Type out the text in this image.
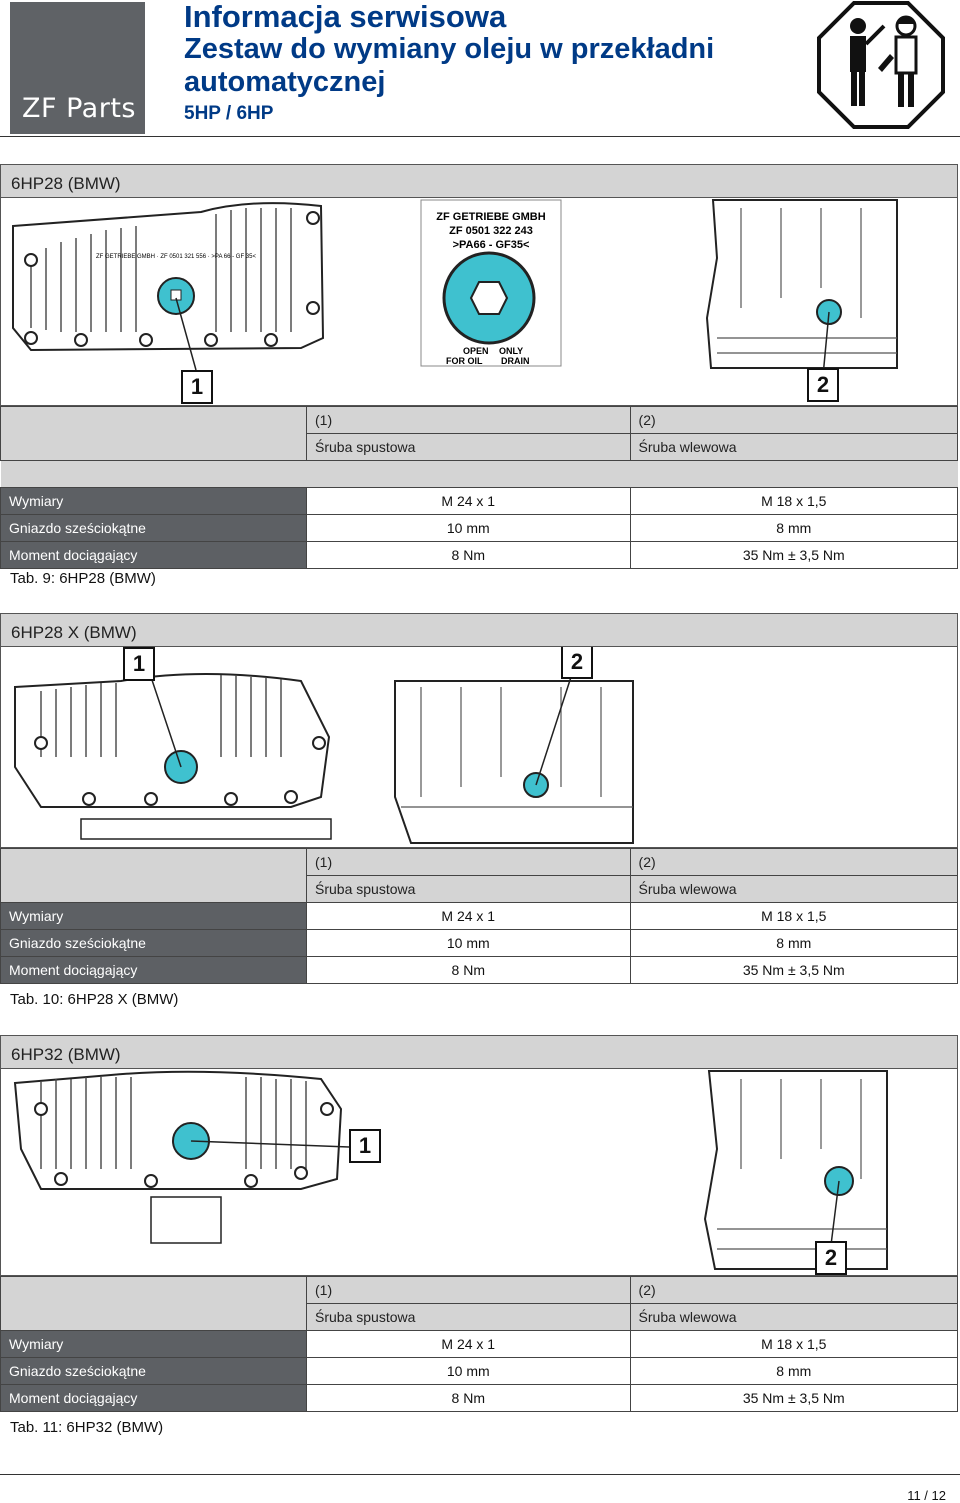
ZF Parts
Informacja serwisowa
Zestaw do wymiany oleju w przekładni
automatycznej
5HP / 6HP
6HP28 (BMW)
ZF GETRIEBE GMBH · ZF 0501 321 556 · >PA 66 - GF 35<
ZF GETRIEBE GMBH
ZF 0501 322 243
>PA66 - GF35<
OPEN ONLY
FOR OIL DRAIN
1	2
	(1)	(2)
	Śruba spustowa	Śruba wlewowa

Wymiary	M 24 x 1	M 18 x 1,5
Gniazdo sześciokątne	10 mm	8 mm
Moment dociągający	8 Nm	35 Nm ± 3,5 Nm
Tab. 9: 6HP28 (BMW)
6HP28 X (BMW)
1	2
	(1)	(2)
	Śruba spustowa	Śruba wlewowa
Wymiary	M 24 x 1	M 18 x 1,5
Gniazdo sześciokątne	10 mm	8 mm
Moment dociągający	8 Nm	35 Nm ± 3,5 Nm
Tab. 10: 6HP28 X (BMW)
6HP32 (BMW)
1
2
	(1)	(2)
	Śruba spustowa	Śruba wlewowa
Wymiary	M 24 x 1	M 18 x 1,5
Gniazdo sześciokątne	10 mm	8 mm
Moment dociągający	8 Nm	35 Nm ± 3,5 Nm
Tab. 11: 6HP32 (BMW)
11 / 12
